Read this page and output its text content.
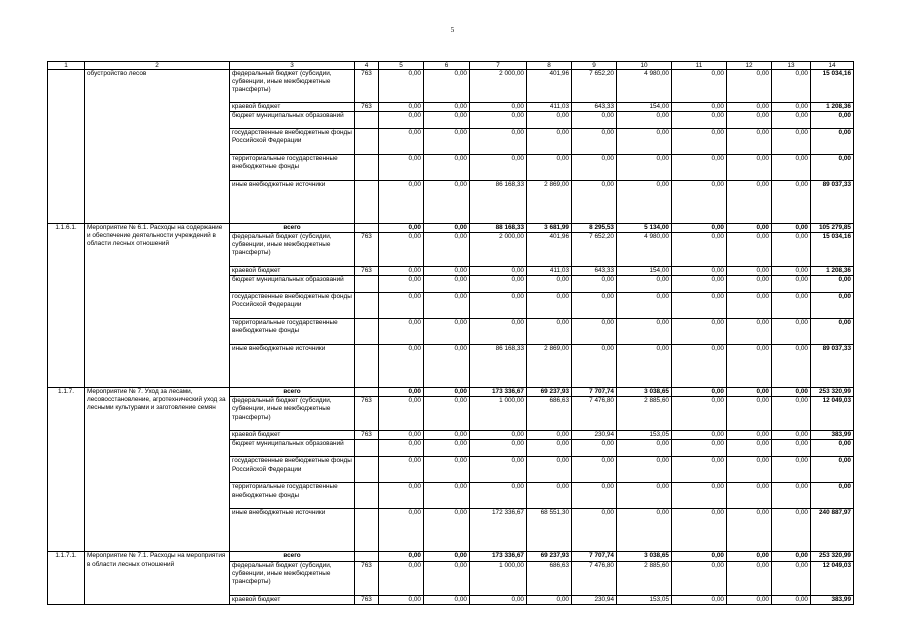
5
1	2	3	4	5	6	7	8	9	10	11	12	13	14
	обустройство лесов	федеральный бюджет (субсидии, субвенции, иные межбюджетные трансферты)	763	0,00	0,00	2 000,00	401,96	7 652,20	4 980,00	0,00	0,00	0,00	15 034,16
		краевой бюджет	763	0,00	0,00	0,00	411,03	643,33	154,00	0,00	0,00	0,00	1 208,36
		бюджет муниципальных образований		0,00	0,00	0,00	0,00	0,00	0,00	0,00	0,00	0,00	0,00
		государственные внебюджетные фонды Российской Федерации		0,00	0,00	0,00	0,00	0,00	0,00	0,00	0,00	0,00	0,00
		территориальные государственные внебюджетные фонды		0,00	0,00	0,00	0,00	0,00	0,00	0,00	0,00	0,00	0,00
		иные внебюджетные источники		0,00	0,00	86 168,33	2 869,00	0,00	0,00	0,00	0,00	0,00	89 037,33
1.1.6.1.	Мероприятие № 6.1. Расходы на содержание и обеспечение деятельности учреждений в области лесных отношений	всего		0,00	0,00	88 168,33	3 681,99	8 295,53	5 134,00	0,00	0,00	0,00	105 279,85
		федеральный бюджет (субсидии, субвенции, иные межбюджетные трансферты)	763	0,00	0,00	2 000,00	401,96	7 652,20	4 980,00	0,00	0,00	0,00	15 034,16
		краевой бюджет	763	0,00	0,00	0,00	411,03	643,33	154,00	0,00	0,00	0,00	1 208,36
		бюджет муниципальных образований		0,00	0,00	0,00	0,00	0,00	0,00	0,00	0,00	0,00	0,00
		государственные внебюджетные фонды Российской Федерации		0,00	0,00	0,00	0,00	0,00	0,00	0,00	0,00	0,00	0,00
		территориальные государственные внебюджетные фонды		0,00	0,00	0,00	0,00	0,00	0,00	0,00	0,00	0,00	0,00
		иные внебюджетные источники		0,00	0,00	86 168,33	2 869,00	0,00	0,00	0,00	0,00	0,00	89 037,33
1.1.7.	Мероприятие № 7. Уход за лесами, лесовосстановление, агротехнический уход за лесными культурами и заготовление семян	всего		0,00	0,00	173 336,67	69 237,93	7 707,74	3 038,65	0,00	0,00	0,00	253 320,99
		федеральный бюджет (субсидии, субвенции, иные межбюджетные трансферты)	763	0,00	0,00	1 000,00	686,63	7 476,80	2 885,60	0,00	0,00	0,00	12 049,03
		краевой бюджет	763	0,00	0,00	0,00	0,00	230,94	153,05	0,00	0,00	0,00	383,99
		бюджет муниципальных образований		0,00	0,00	0,00	0,00	0,00	0,00	0,00	0,00	0,00	0,00
		государственные внебюджетные фонды Российской Федерации		0,00	0,00	0,00	0,00	0,00	0,00	0,00	0,00	0,00	0,00
		территориальные государственные внебюджетные фонды		0,00	0,00	0,00	0,00	0,00	0,00	0,00	0,00	0,00	0,00
		иные внебюджетные источники		0,00	0,00	172 336,67	68 551,30	0,00	0,00	0,00	0,00	0,00	240 887,97
1.1.7.1.	Мероприятие № 7.1. Расходы на мероприятия в области лесных отношений	всего		0,00	0,00	173 336,67	69 237,93	7 707,74	3 038,65	0,00	0,00	0,00	253 320,99
		федеральный бюджет (субсидии, субвенции, иные межбюджетные трансферты)	763	0,00	0,00	1 000,00	686,63	7 476,80	2 885,60	0,00	0,00	0,00	12 049,03
		краевой бюджет	763	0,00	0,00	0,00	0,00	230,94	153,05	0,00	0,00	0,00	383,99
